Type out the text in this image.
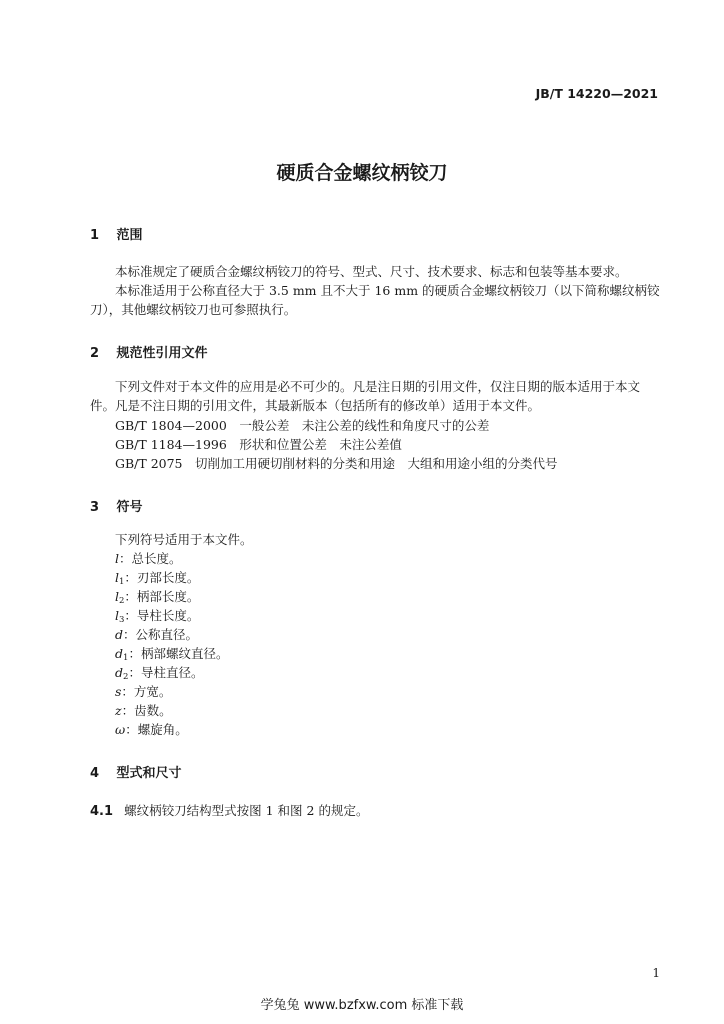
JB/T 14220—2021
硬质合金螺纹柄铰刀
1 范围
本标准规定了硬质合金螺纹柄铰刀的符号、型式、尺寸、技术要求、标志和包装等基本要求。
本标准适用于公称直径大于 3.5 mm 且不大于 16 mm 的硬质合金螺纹柄铰刀（以下简称螺纹柄铰刀），其他螺纹柄铰刀也可参照执行。
2 规范性引用文件
下列文件对于本文件的应用是必不可少的。凡是注日期的引用文件，仅注日期的版本适用于本文件。凡是不注日期的引用文件，其最新版本（包括所有的修改单）适用于本文件。
GB/T 1804—2000　一般公差　未注公差的线性和角度尺寸的公差
GB/T 1184—1996　形状和位置公差　未注公差值
GB/T 2075　切削加工用硬切削材料的分类和用途　大组和用途小组的分类代号
3 符号
下列符号适用于本文件。
l：总长度。
$l_1$：刃部长度。
$l_2$：柄部长度。
$l_3$：导柱长度。
d：公称直径。
$d_1$：柄部螺纹直径。
$d_2$：导柱直径。
s：方宽。
z：齿数。
ω：螺旋角。
4 型式和尺寸
4.1 螺纹柄铰刀结构型式按图 1 和图 2 的规定。
1
学兔兔 www.bzfxw.com 标准下载
